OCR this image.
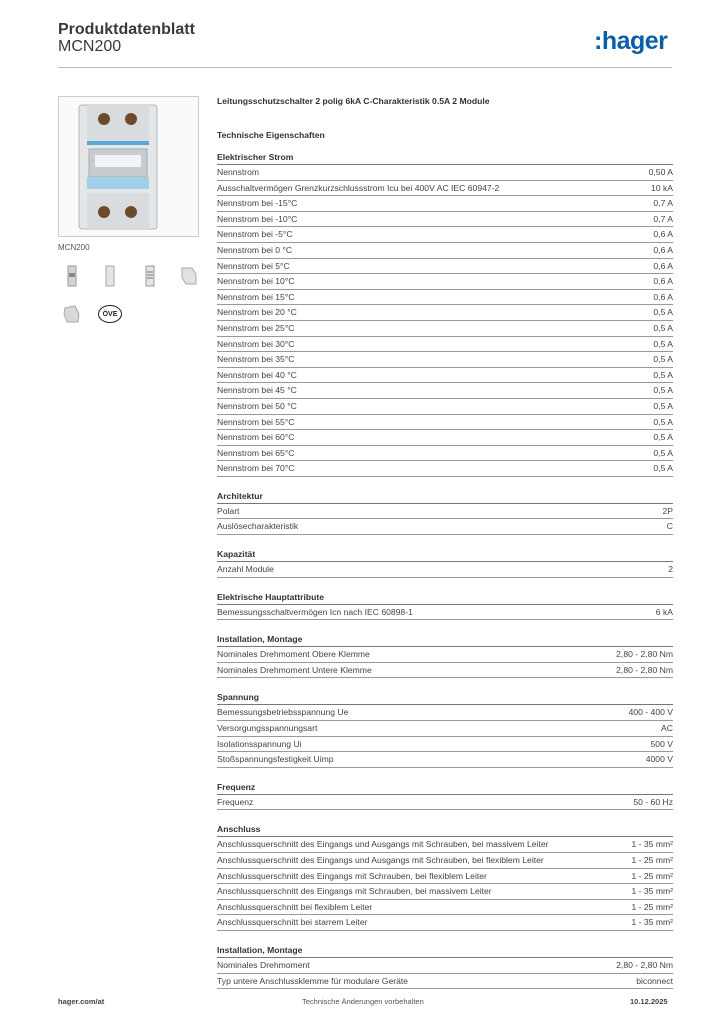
Produktdatenblatt
MCN200	:hager
MCN200
ÖVE
Leitungsschutzschalter 2 polig 6kA C-Charakteristik 0.5A 2 Module
Technische Eigenschaften
Elektrischer Strom
Nennstrom	0,50 A
Ausschaltvermögen Grenzkurzschlussstrom Icu bei 400V AC IEC 60947-2	10 kA
Nennstrom bei -15°C	0,7 A
Nennstrom bei -10°C	0,7 A
Nennstrom bei -5°C	0,6 A
Nennstrom bei 0 °C	0,6 A
Nennstrom bei 5°C	0,6 A
Nennstrom bei 10°C	0,6 A
Nennstrom bei 15°C	0,6 A
Nennstrom bei 20 °C	0,5 A
Nennstrom bei 25°C	0,5 A
Nennstrom bei 30°C	0,5 A
Nennstrom bei 35°C	0,5 A
Nennstrom bei 40 °C	0,5 A
Nennstrom bei 45 °C	0,5 A
Nennstrom bei 50 °C	0,5 A
Nennstrom bei 55°C	0,5 A
Nennstrom bei 60°C	0,5 A
Nennstrom bei 65°C	0,5 A
Nennstrom bei 70°C	0,5 A
Architektur
Polart	2P
Auslösecharakteristik	C
Kapazität
Anzahl Module	2
Elektrische Hauptattribute
Bemessungsschaltvermögen Icn nach IEC 60898-1	6 kA
Installation, Montage
Nominales Drehmoment Obere Klemme	2,80 - 2,80 Nm
Nominales Drehmoment Untere Klemme	2,80 - 2,80 Nm
Spannung
Bemessungsbetriebsspannung Ue	400 - 400 V
Versorgungsspannungsart	AC
Isolationsspannung Ui	500 V
Stoßspannungsfestigkeit Uimp	4000 V
Frequenz
Frequenz	50 - 60 Hz
Anschluss
Anschlussquerschnitt des Eingangs und Ausgangs mit Schrauben, bei massivem Leiter	1 - 35 mm²
Anschlussquerschnitt des Eingangs und Ausgangs mit Schrauben, bei flexiblem Leiter	1 - 25 mm²
Anschlussquerschnitt des Eingangs mit Schrauben, bei flexiblem Leiter	1 - 25 mm²
Anschlussquerschnitt des Eingangs mit Schrauben, bei massivem Leiter	1 - 35 mm²
Anschlussquerschnitt bei flexiblem Leiter	1 - 25 mm²
Anschlussquerschnitt bei starrem Leiter	1 - 35 mm²
Installation, Montage
Nominales Drehmoment	2,80 - 2,80 Nm
Typ untere Anschlussklemme für modulare Geräte	biconnect
hager.com/at	Technische Änderungen vorbehalten	10.12.2025
